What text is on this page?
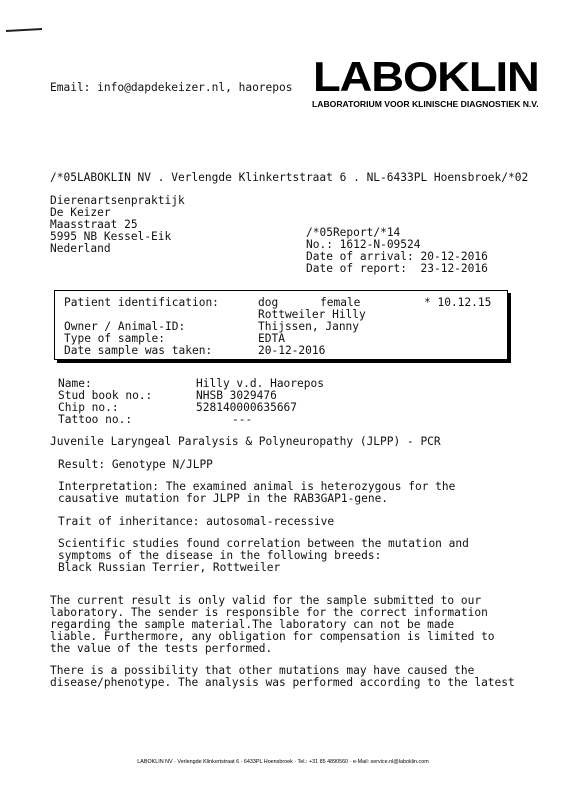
Email: info@dapdekeizer.nl, haorepos LABOKLIN
LABORATORIUM VOOR KLINISCHE DIAGNOSTIEK N.V.
/*05LABOKLIN NV . Verlengde Klinkertstraat 6 . NL-6433PL Hoensbroek/*02
Dierenartsenpraktijk
De Keizer
Maasstraat 25
5995 NB Kessel-Eik
Nederland
/*05Report/*14
No.: 1612-N-09524
Date of arrival: 20-12-2016
Date of report:  23-12-2016
Patient identification:	dog	female	* 10.12.15
Rottweiler Hilly
Owner / Animal-ID:	Thijssen, Janny
Type of sample:	EDTA
Date sample was taken:	20-12-2016
Name:	Hilly v.d. Haorepos
Stud book no.:	NHSB 3029476
Chip no.:	528140000635667
Tattoo no.:	---
Juvenile Laryngeal Paralysis & Polyneuropathy (JLPP) - PCR
Result: Genotype N/JLPP
Interpretation: The examined animal is heterozygous for the
causative mutation for JLPP in the RAB3GAP1-gene.
Trait of inheritance: autosomal-recessive
Scientific studies found correlation between the mutation and
symptoms of the disease in the following breeds:
Black Russian Terrier, Rottweiler
The current result is only valid for the sample submitted to our
laboratory. The sender is responsible for the correct information
regarding the sample material.The laboratory can not be made
liable. Furthermore, any obligation for compensation is limited to
the value of the tests performed.
There is a possibility that other mutations may have caused the
disease/phenotype. The analysis was performed according to the latest
LABOKLIN NV · Verlengde Klinkertstraat 6 · 6433PL Hoensbroek · Tel.: +31 85 4890560 · e-Mail: service.nl@laboklin.com
